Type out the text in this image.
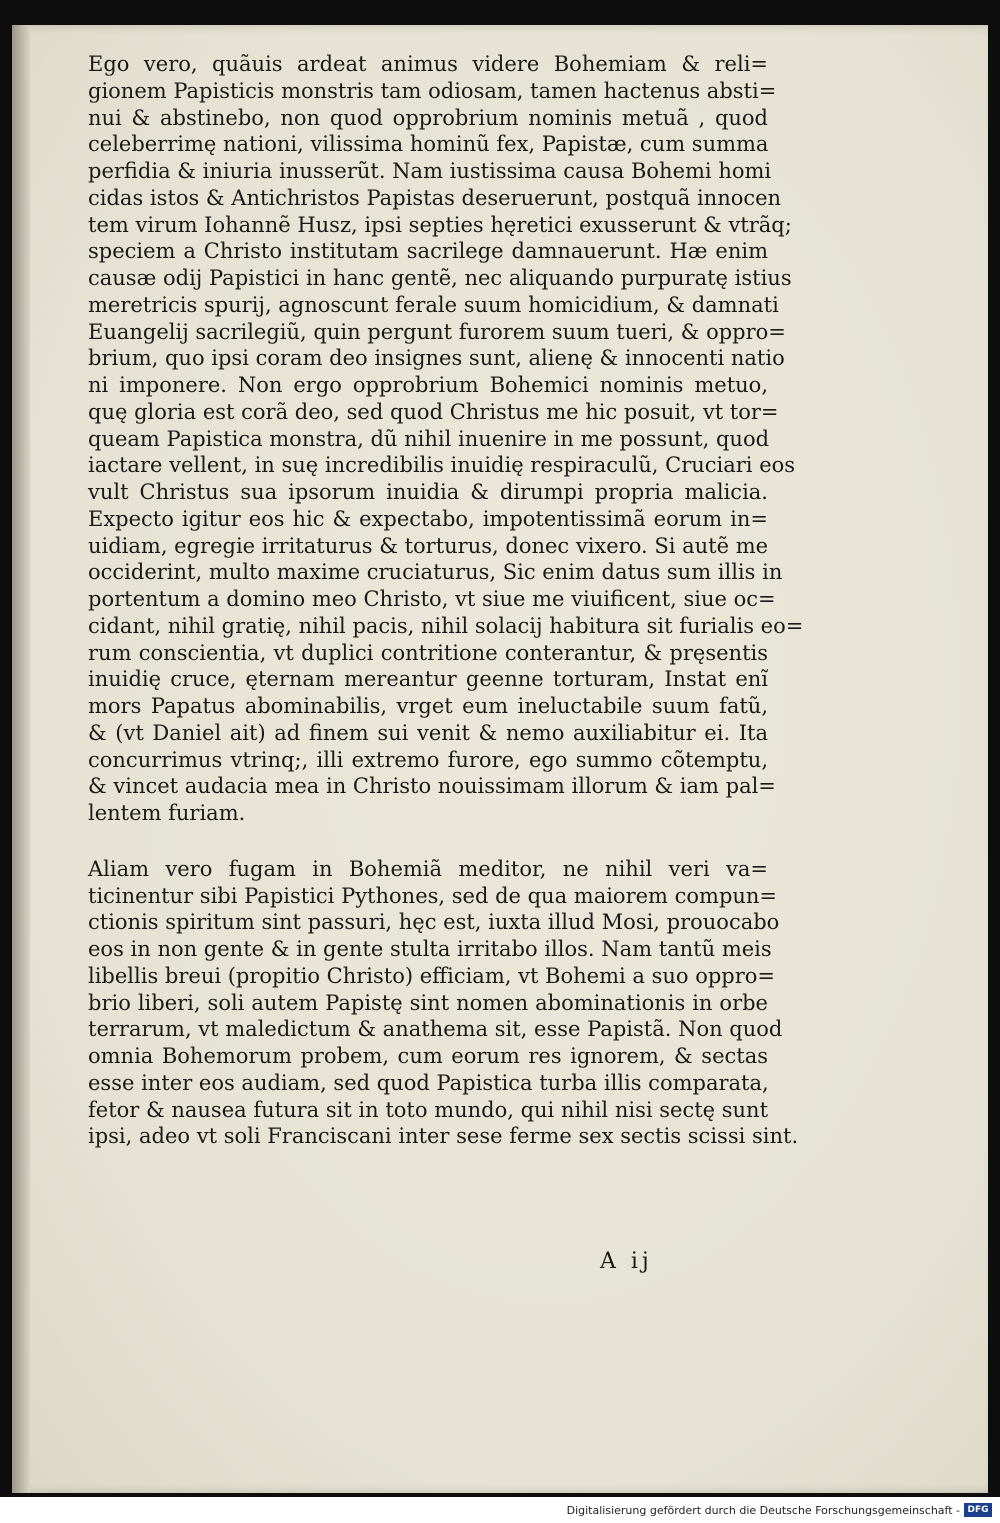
Ego vero, quãuis ardeat animus videre Bohemiam & reli=
gionem Papisticis monstris tam odiosam, tamen hactenus absti=
nui & abstinebo, non quod opprobrium nominis metuã , quod
celeberrimę nationi, vilissima hominũ fex, Papistæ, cum summa
perfidia & iniuria inusserũt. Nam iustissima causa Bohemi homi
cidas istos & Antichristos Papistas deseruerunt, postquã innocen
tem virum Iohannẽ Husz, ipsi septies hęretici exusserunt & vtrãq;
speciem a Christo institutam sacrilege damnauerunt. Hæ enim
causæ odij Papistici in hanc gentẽ, nec aliquando purpuratę istius
meretricis spurij, agnoscunt ferale suum homicidium, & damnati
Euangelij sacrilegiũ, quin pergunt furorem suum tueri, & oppro=
brium, quo ipsi coram deo insignes sunt, alienę & innocenti natio
ni imponere. Non ergo opprobrium Bohemici nominis metuo,
quę gloria est corã deo, sed quod Christus me hic posuit, vt tor=
queam Papistica monstra, dũ nihil inuenire in me possunt, quod
iactare vellent, in suę incredibilis inuidię respiraculũ, Cruciari eos
vult Christus sua ipsorum inuidia & dirumpi propria malicia.
Expecto igitur eos hic & expectabo, impotentissimã eorum in=
uidiam, egregie irritaturus & torturus, donec vixero. Si autẽ me
occiderint, multo maxime cruciaturus, Sic enim datus sum illis in
portentum a domino meo Christo, vt siue me viuificent, siue oc=
cidant, nihil gratię, nihil pacis, nihil solacij habitura sit furialis eo=
rum conscientia, vt duplici contritione conterantur, & pręsentis
inuidię cruce, ęternam mereantur geenne torturam, Instat enĩ
mors Papatus abominabilis, vrget eum ineluctabile suum fatũ,
& (vt Daniel ait) ad finem sui venit & nemo auxiliabitur ei. Ita
concurrimus vtrinq;, illi extremo furore, ego summo cõtemptu,
& vincet audacia mea in Christo nouissimam illorum & iam pal=
lentem furiam.
Aliam vero fugam in Bohemiã meditor, ne nihil veri va=
ticinentur sibi Papistici Pythones, sed de qua maiorem compun=
ctionis spiritum sint passuri, hęc est, iuxta illud Mosi, prouocabo
eos in non gente & in gente stulta irritabo illos. Nam tantũ meis
libellis breui (propitio Christo) efficiam, vt Bohemi a suo oppro=
brio liberi, soli autem Papistę sint nomen abominationis in orbe
terrarum, vt maledictum & anathema sit, esse Papistã. Non quod
omnia Bohemorum probem, cum eorum res ignorem, & sectas
esse inter eos audiam, sed quod Papistica turba illis comparata,
fetor & nausea futura sit in toto mundo, qui nihil nisi sectę sunt
ipsi, adeo vt soli Franciscani inter sese ferme sex sectis scissi sint.
A ij
Digitalisierung gefördert durch die Deutsche Forschungsgemeinschaft - DFG
